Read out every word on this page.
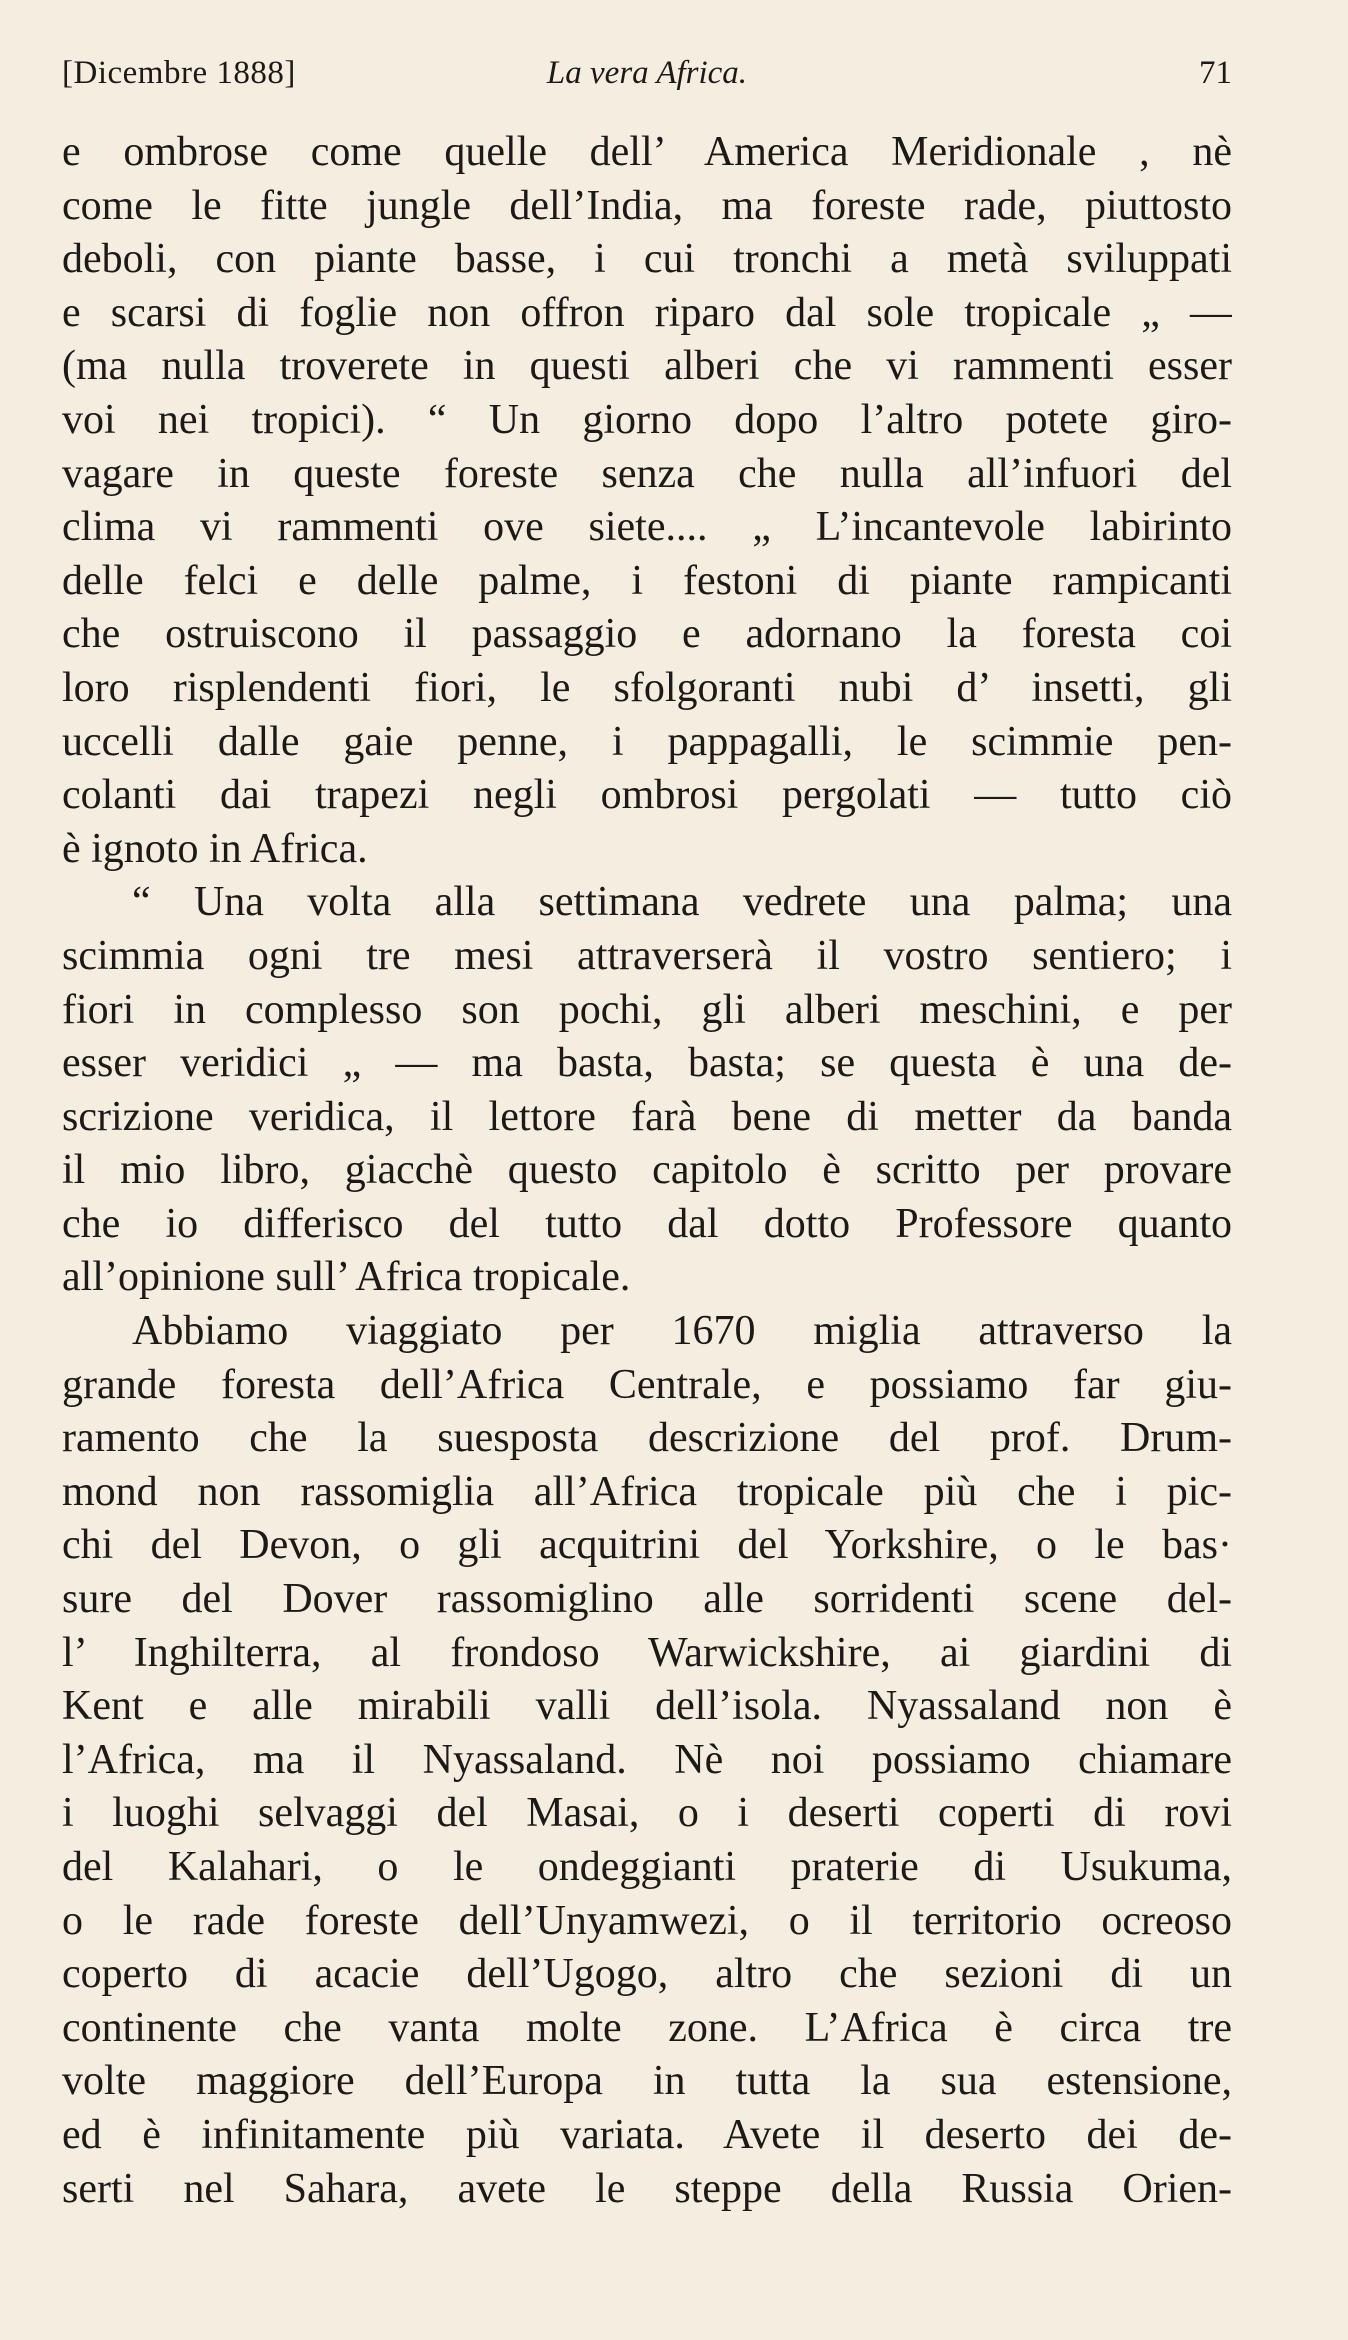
[Dicembre 1888]	La vera Africa.	71
e ombrose come quelle dell’ America Meridionale , nè
come le fitte jungle dell’India, ma foreste rade, piuttosto
deboli, con piante basse, i cui tronchi a metà sviluppati
e scarsi di foglie non offron riparo dal sole tropicale „ —
(ma nulla troverete in questi alberi che vi rammenti esser
voi nei tropici). “ Un giorno dopo l’altro potete giro-
vagare in queste foreste senza che nulla all’infuori del
clima vi rammenti ove siete.... „ L’incantevole labirinto
delle felci e delle palme, i festoni di piante rampicanti
che ostruiscono il passaggio e adornano la foresta coi
loro risplendenti fiori, le sfolgoranti nubi d’ insetti, gli
uccelli dalle gaie penne, i pappagalli, le scimmie pen-
colanti dai trapezi negli ombrosi pergolati — tutto ciò
è ignoto in Africa.
“ Una volta alla settimana vedrete una palma; una
scimmia ogni tre mesi attraverserà il vostro sentiero; i
fiori in complesso son pochi, gli alberi meschini, e per
esser veridici „ — ma basta, basta; se questa è una de-
scrizione veridica, il lettore farà bene di metter da banda
il mio libro, giacchè questo capitolo è scritto per provare
che io differisco del tutto dal dotto Professore quanto
all’opinione sull’ Africa tropicale.
Abbiamo viaggiato per 1670 miglia attraverso la
grande foresta dell’Africa Centrale, e possiamo far giu-
ramento che la suesposta descrizione del prof. Drum-
mond non rassomiglia all’Africa tropicale più che i pic-
chi del Devon, o gli acquitrini del Yorkshire, o le bas·
sure del Dover rassomiglino alle sorridenti scene del-
l’ Inghilterra, al frondoso Warwickshire, ai giardini di
Kent e alle mirabili valli dell’isola. Nyassaland non è
l’Africa, ma il Nyassaland. Nè noi possiamo chiamare
i luoghi selvaggi del Masai, o i deserti coperti di rovi
del Kalahari, o le ondeggianti praterie di Usukuma,
o le rade foreste dell’Unyamwezi, o il territorio ocreoso
coperto di acacie dell’Ugogo, altro che sezioni di un
continente che vanta molte zone. L’Africa è circa tre
volte maggiore dell’Europa in tutta la sua estensione,
ed è infinitamente più variata. Avete il deserto dei de-
serti nel Sahara, avete le steppe della Russia Orien-
